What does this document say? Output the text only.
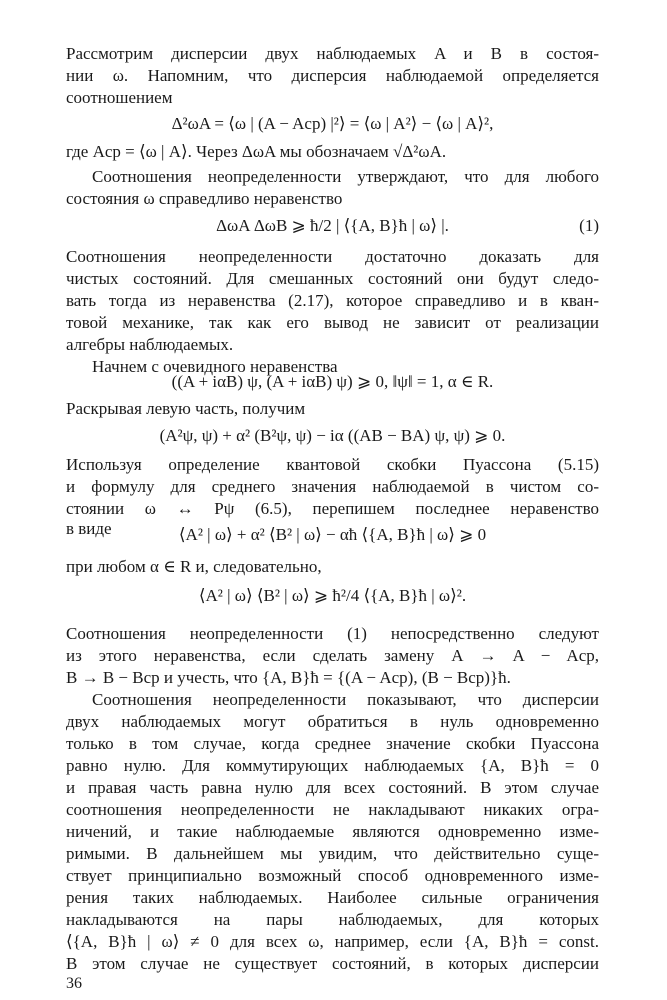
Рассмотрим дисперсии двух наблюдаемых A и B в состоя-
нии ω. Напомним, что дисперсия наблюдаемой определяется
соотношением
Δ²ωA = ⟨ω | (A − Aср) |²⟩ = ⟨ω | A²⟩ − ⟨ω | A⟩²,
где Aср = ⟨ω | A⟩. Через ΔωA мы обозначаем √Δ²ωA.
Соотношения неопределенности утверждают, что для любого
состояния ω справедливо неравенство
ΔωA ΔωB ⩾ ħ/2 | ⟨{A, B}ħ | ω⟩ |.	(1)
Соотношения неопределенности достаточно доказать для
чистых состояний. Для смешанных состояний они будут следо-
вать тогда из неравенства (2.17), которое справедливо и в кван-
товой механике, так как его вывод не зависит от реализации
алгебры наблюдаемых.
Начнем с очевидного неравенства
((A + iαB) ψ, (A + iαB) ψ) ⩾ 0, ‖ψ‖ = 1, α ∈ R.
Раскрывая левую часть, получим
(A²ψ, ψ) + α² (B²ψ, ψ) − iα ((AB − BA) ψ, ψ) ⩾ 0.
Используя определение квантовой скобки Пуассона (5.15)
и формулу для среднего значения наблюдаемой в чистом со-
стоянии ω ↔ Pψ (6.5), перепишем последнее неравенство
в виде	⟨A² | ω⟩ + α² ⟨B² | ω⟩ − αħ ⟨{A, B}ħ | ω⟩ ⩾ 0
при любом α ∈ R и, следовательно,
⟨A² | ω⟩ ⟨B² | ω⟩ ⩾ ħ²/4 ⟨{A, B}ħ | ω⟩².
Соотношения неопределенности (1) непосредственно следуют
из этого неравенства, если сделать замену A → A − Aср,
B → B − Bср и учесть, что {A, B}ħ = {(A − Aср), (B − Bср)}ħ.
Соотношения неопределенности показывают, что дисперсии
двух наблюдаемых могут обратиться в нуль одновременно
только в том случае, когда среднее значение скобки Пуассона
равно нулю. Для коммутирующих наблюдаемых {A, B}ħ = 0
и правая часть равна нулю для всех состояний. В этом случае
соотношения неопределенности не накладывают никаких огра-
ничений, и такие наблюдаемые являются одновременно изме-
римыми. В дальнейшем мы увидим, что действительно суще-
ствует принципиально возможный способ одновременного изме-
рения таких наблюдаемых. Наиболее сильные ограничения
накладываются на пары наблюдаемых, для которых
⟨{A, B}ħ | ω⟩ ≠ 0 для всех ω, например, если {A, B}ħ = const.
В этом случае не существует состояний, в которых дисперсии
36
